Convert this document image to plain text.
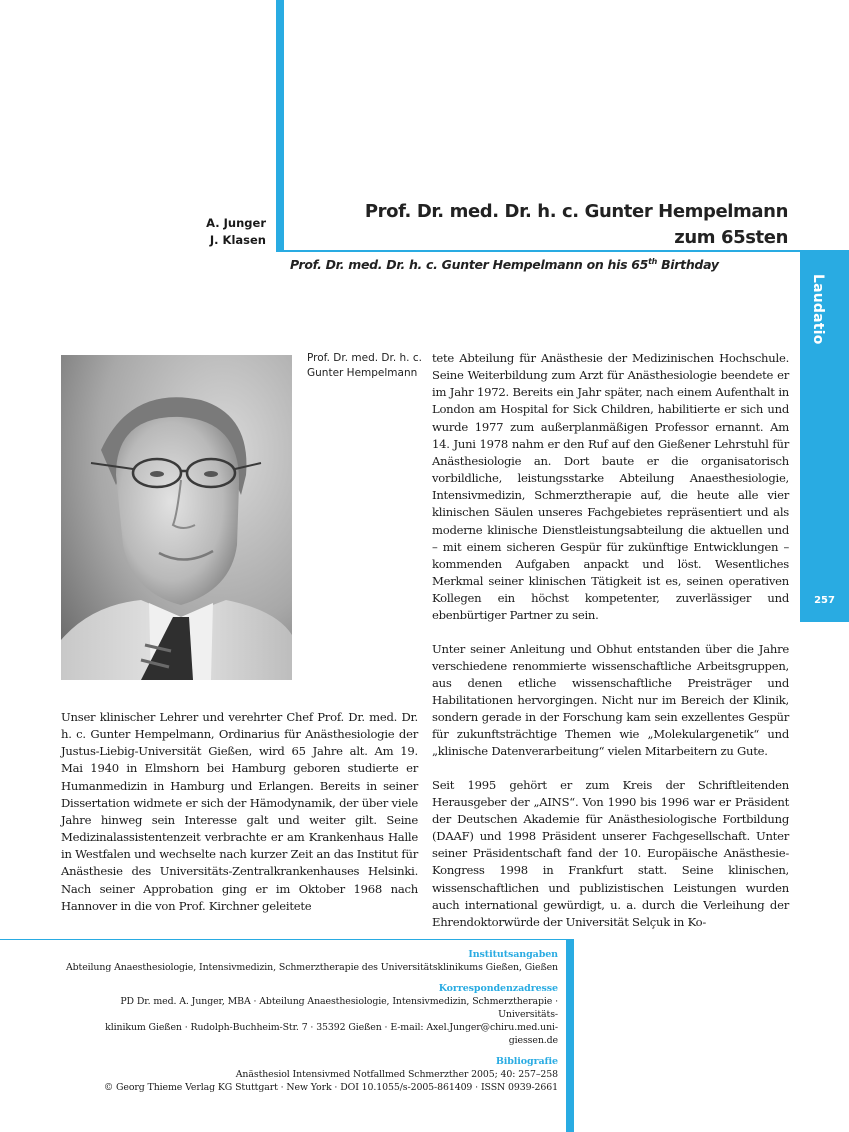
Laudatio
257
A. Junger
J. Klasen
Prof. Dr. med. Dr. h. c. Gunter Hempelmann
zum 65sten
Prof. Dr. med. Dr. h. c. Gunter Hempelmann on his 65th Birthday
Prof. Dr. med. Dr. h. c.
Gunter Hempelmann

Unser klinischer Lehrer und verehrter Chef Prof. Dr. med. Dr. h. c. Gunter Hempelmann, Ordinarius für Anästhesiologie der Justus-Liebig-Universität Gießen, wird 65 Jahre alt. Am 19. Mai 1940 in Elmshorn bei Hamburg geboren studierte er Humanmedizin in Hamburg und Erlangen. Bereits in seiner Dissertation widmete er sich der Hämodynamik, der über viele Jahre hinweg sein Interesse galt und weiter gilt. Seine Medizinalassistentenzeit verbrachte er am Krankenhaus Halle in Westfalen und wechselte nach kurzer Zeit an das Institut für Anästhesie des Universitäts-Zentralkrankenhauses Helsinki. Nach seiner Approbation ging er im Oktober 1968 nach Hannover in die von Prof. Kirchner geleitete

tete Abteilung für Anästhesie der Medizinischen Hochschule. Seine Weiterbildung zum Arzt für Anästhesiologie beendete er im Jahr 1972. Bereits ein Jahr später, nach einem Aufenthalt in London am Hospital for Sick Children, habilitierte er sich und wurde 1977 zum außerplanmäßigen Professor ernannt. Am 14. Juni 1978 nahm er den Ruf auf den Gießener Lehrstuhl für Anästhesiologie an. Dort baute er die organisatorisch vorbildliche, leistungsstarke Abteilung Anaesthesiologie, Intensivmedizin, Schmerztherapie auf, die heute alle vier klinischen Säulen unseres Fachgebietes repräsentiert und als moderne klinische Dienstleistungsabteilung die aktuellen und – mit einem sicheren Gespür für zukünftige Entwicklungen – kommenden Aufgaben anpackt und löst. Wesentliches Merkmal seiner klinischen Tätigkeit ist es, seinen operativen Kollegen ein höchst kompetenter, zuverlässiger und ebenbürtiger Partner zu sein.

Unter seiner Anleitung und Obhut entstanden über die Jahre verschiedene renommierte wissenschaftliche Arbeitsgruppen, aus denen etliche wissenschaftliche Preisträger und Habilitationen hervorgingen. Nicht nur im Bereich der Klinik, sondern gerade in der Forschung kam sein exzellentes Gespür für zukunftsträchtige Themen wie „Molekulargenetik“ und „klinische Datenverarbeitung“ vielen Mitarbeitern zu Gute.

Seit 1995 gehört er zum Kreis der Schriftleitenden Herausgeber der „AINS“. Von 1990 bis 1996 war er Präsident der Deutschen Akademie für Anästhesiologische Fortbildung (DAAF) und 1998 Präsident unserer Fachgesellschaft. Unter seiner Präsidentschaft fand der 10. Europäische Anästhesie-Kongress 1998 in Frankfurt statt. Seine klinischen, wissenschaftlichen und publizistischen Leistungen wurden auch international gewürdigt, u. a. durch die Verleihung der Ehrendoktorwürde der Universität Selçuk in Ko-

Institutsangaben
Abteilung Anaesthesiologie, Intensivmedizin, Schmerztherapie des Universitätsklinikums Gießen, Gießen
Korrespondenzadresse
PD Dr. med. A. Junger, MBA · Abteilung Anaesthesiologie, Intensivmedizin, Schmerztherapie · Universitäts-
klinikum Gießen · Rudolph-Buchheim-Str. 7 · 35392 Gießen · E-mail: Axel.Junger@chiru.med.uni-giessen.de
Bibliografie
Anästhesiol Intensivmed Notfallmed Schmerzther 2005; 40: 257–258
© Georg Thieme Verlag KG Stuttgart · New York · DOI 10.1055/s-2005-861409 · ISSN 0939-2661
